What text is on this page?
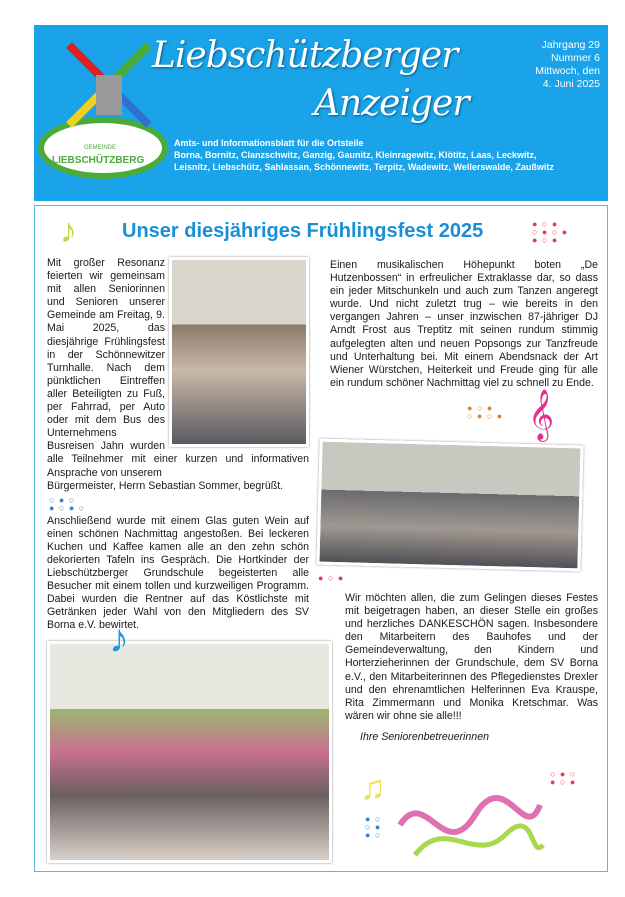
GEMEINDE
LIEBSCHÜTZBERG
Liebschützberger
Anzeiger
Jahrgang 29
Nummer 6
Mittwoch, den
4. Juni 2025
Amts- und Informationsblatt für die Ortsteile
Borna, Bornitz, Clanzschwitz, Ganzig, Gaunitz, Kleinragewitz, Klötitz, Laas, Leckwitz,
Leisnitz, Liebschütz, Sahlassan, Schönnewitz, Terpitz, Wadewitz, Wellerswalde, Zaußwitz
♪	● ○ ●
○ ● ○ ●
● ○ ●
Unser diesjähriges Frühlingsfest 2025
Mit großer Resonanz feierten wir gemeinsam mit allen Seniorinnen und Senioren unserer Gemeinde am Freitag, 9. Mai 2025, das diesjährige Frühlingsfest in der Schönnewitzer Turnhalle. Nach dem pünktlichen Eintreffen aller Beteiligten zu Fuß, per Fahrrad, per Auto oder mit dem Bus des Unternehmens Busreisen Jahn wurden alle Teilnehmer mit einer kurzen und informativen Ansprache von unserem
Bürgermeister, Herrn Sebastian Sommer, begrüßt.
○ ● ○
● ○ ● ○
Anschließend wurde mit einem Glas guten Wein auf einen schönen Nachmittag angestoßen. Bei leckeren Kuchen und Kaffee kamen alle an den zehn schön dekorierten Tafeln ins Gespräch. Die Hortkinder der Liebschützberger Grundschule begeisterten alle Besucher mit einem tollen und kurzweiligen Programm. Dabei wurden die Rentner auf das Köstlichste mit Getränken jeder Wahl von den Mitgliedern des SV Borna e.V. bewirtet.
♪
Einen musikalischen Höhepunkt boten „De Hutzenbossen“ in erfreulicher Extraklasse dar, so dass ein jeder Mitschunkeln und auch zum Tanzen angeregt wurde. Und nicht zuletzt trug – wie bereits in den vergangen Jahren – unser inzwischen 87-jähriger DJ Arndt Frost aus Treptitz mit seinen rundum stimmig aufgelegten alten und neuen Popsongs zur Tanzfreude und Unterhaltung bei. Mit einem Abendsnack der Art Wiener Würstchen, Heiterkeit und Freude ging für alle ein rundum schöner Nachmittag viel zu schnell zu Ende.
● ○ ●
○ ● ○ ● 𝄞
● ○ ●
Wir möchten allen, die zum Gelingen dieses Festes mit beigetragen haben, an dieser Stelle ein großes und herzliches DANKESCHÖN sagen. Insbesondere den Mitarbeitern des Bauhofes und der Gemeindeverwaltung, den Kindern und Horterzieherinnen der Grundschule, dem SV Borna e.V., den Mitarbeiterinnen des Pflegedienstes Drexler und den ehrenamtlichen Helferinnen Eva Krauspe, Rita Zimmermann und Monika Kretschmar. Was wären wir ohne sie alle!!!
Ihre Seniorenbetreuerinnen
○ ● ○
● ○ ●
♫
● ○
○ ●
● ○
